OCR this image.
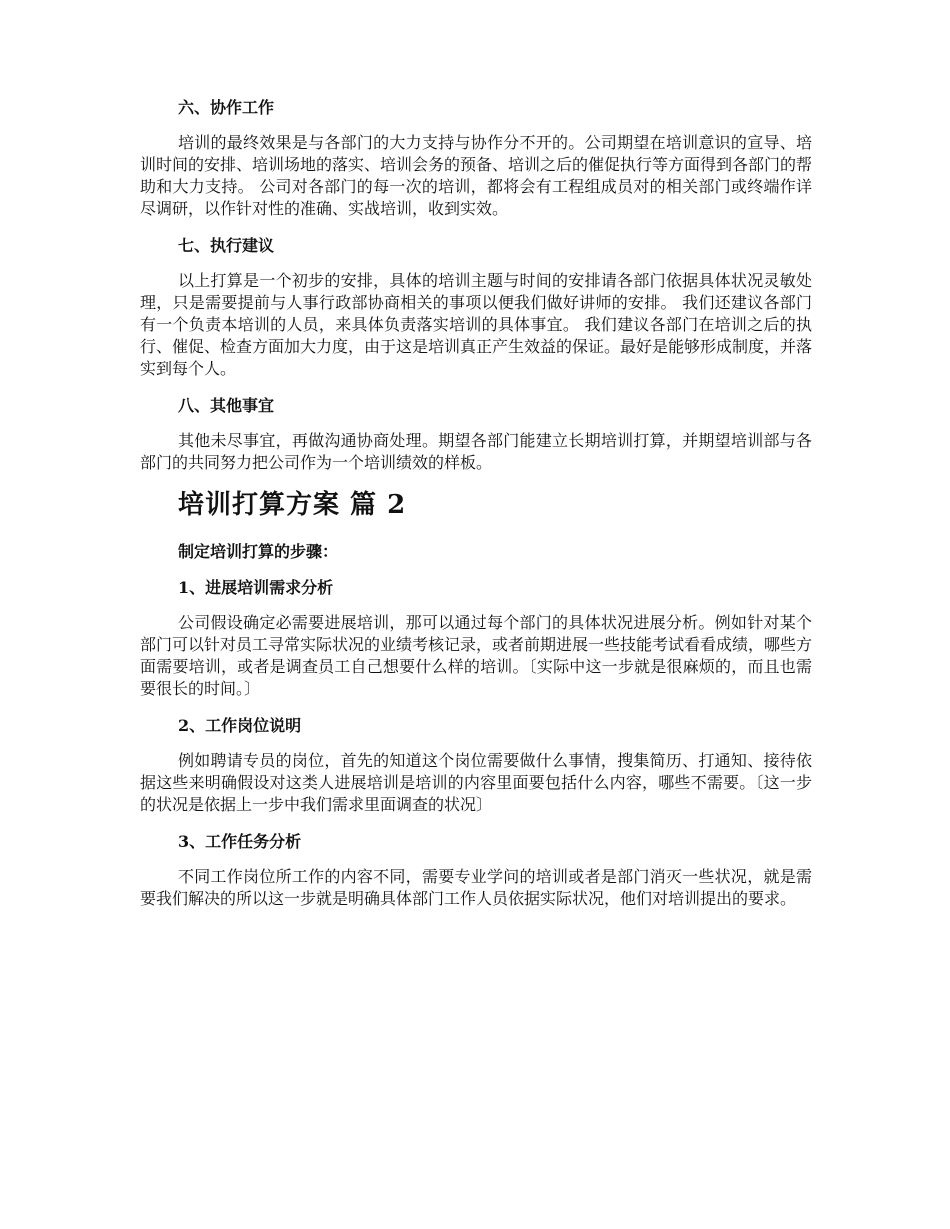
六、协作工作
培训的最终效果是与各部门的大力支持与协作分不开的。公司期望在培训意识的宣导、培训时间的安排、培训场地的落实、培训会务的预备、培训之后的催促执行等方面得到各部门的帮助和大力支持。 公司对各部门的每一次的培训，都将会有工程组成员对的相关部门或终端作详尽调研，以作针对性的准确、实战培训，收到实效。
七、执行建议
以上打算是一个初步的安排，具体的培训主题与时间的安排请各部门依据具体状况灵敏处理，只是需要提前与人事行政部协商相关的事项以便我们做好讲师的安排。 我们还建议各部门有一个负责本培训的人员，来具体负责落实培训的具体事宜。 我们建议各部门在培训之后的执行、催促、检查方面加大力度，由于这是培训真正产生效益的保证。最好是能够形成制度，并落实到每个人。
八、其他事宜
其他未尽事宜，再做沟通协商处理。期望各部门能建立长期培训打算，并期望培训部与各部门的共同努力把公司作为一个培训绩效的样板。
培训打算方案 篇 2
制定培训打算的步骤：
1、进展培训需求分析
公司假设确定必需要进展培训，那可以通过每个部门的具体状况进展分析。例如针对某个部门可以针对员工寻常实际状况的业绩考核记录，或者前期进展一些技能考试看看成绩，哪些方面需要培训，或者是调查员工自己想要什么样的培训。〔实际中这一步就是很麻烦的，而且也需要很长的时间。〕
2、工作岗位说明
例如聘请专员的岗位，首先的知道这个岗位需要做什么事情，搜集简历、打通知、接待依据这些来明确假设对这类人进展培训是培训的内容里面要包括什么内容，哪些不需要。〔这一步的状况是依据上一步中我们需求里面调查的状况〕
3、工作任务分析
不同工作岗位所工作的内容不同，需要专业学问的培训或者是部门消灭一些状况，就是需要我们解决的所以这一步就是明确具体部门工作人员依据实际状况，他们对培训提出的要求。
